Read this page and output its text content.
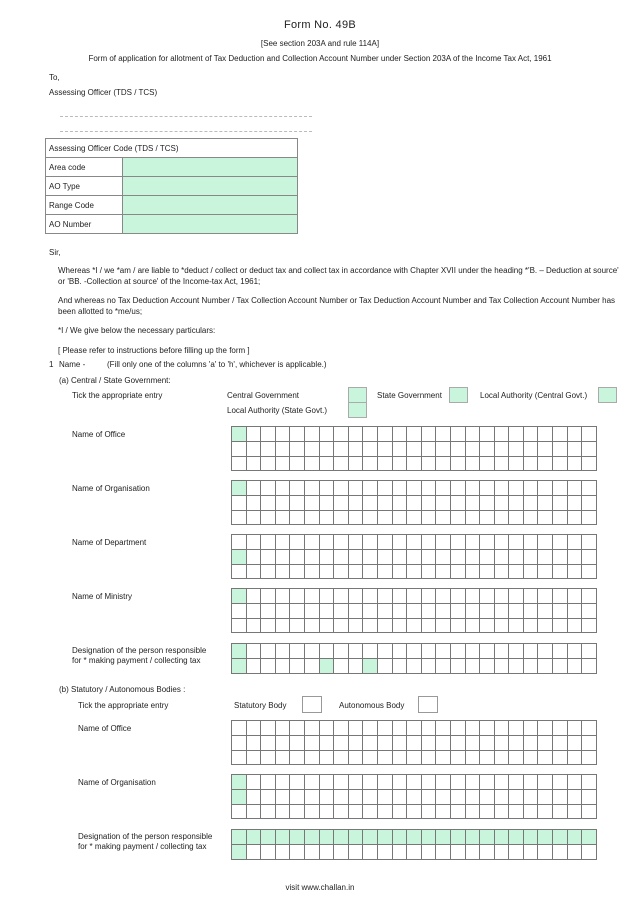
Form No. 49B
[See section 203A and rule 114A]
Form of application for allotment of Tax Deduction and Collection Account Number under Section 203A of the Income Tax Act, 1961
To,
Assessing Officer (TDS / TCS)
Assessing Officer Code (TDS / TCS)	
Area code	
AO Type	
Range Code	
AO Number	
Sir,
Whereas *I / we *am / are liable to *deduct / collect or deduct tax and collect tax in accordance with Chapter XVII under the heading *'B. – Deduction at source' or 'BB. -Collection at source' of the Income-tax Act, 1961;
And whereas no Tax Deduction Account Number / Tax Collection Account Number or Tax Deduction Account Number and Tax Collection Account Number has been allotted to *me/us;
*I / We give below the necessary particulars:
[ Please refer to instructions before filling up the form ]
1 Name -	(Fill only one of the columns 'a' to 'h', whichever is applicable.)
(a) Central / State Government:
Tick the appropriate entry	Central Government	State Government	Local Authority (Central Govt.)
Local Authority (State Govt.)
Name of Office

Name of Organisation

Name of Department

Name of Ministry

Designation of the person responsible
for * making payment / collecting tax

(b) Statutory / Autonomous Bodies :
Tick the appropriate entry	Statutory Body	Autonomous Body
Name of Office

Name of Organisation

Designation of the person responsible
for * making payment / collecting tax

visit www.challan.in
